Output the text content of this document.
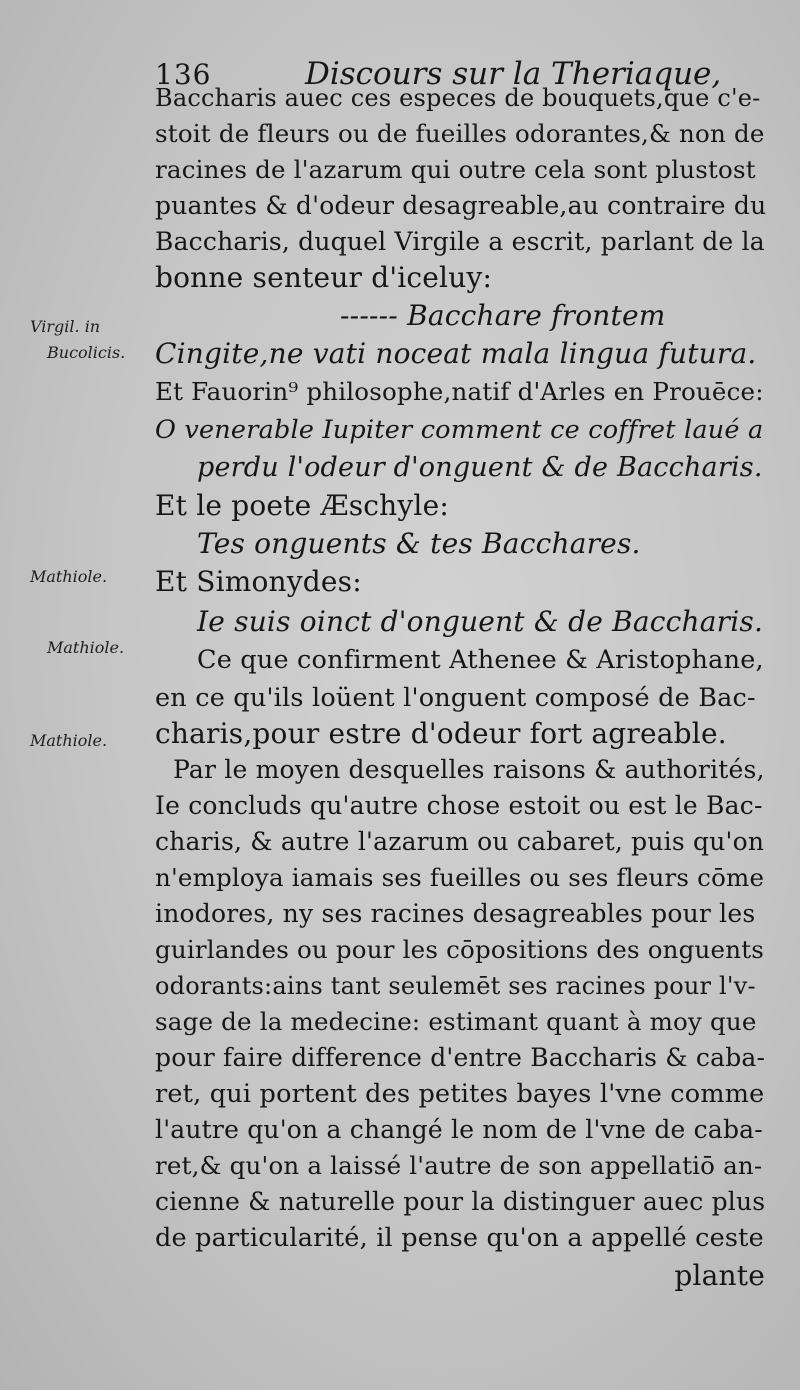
136	Discours sur la Theriaque,
Baccharis auec ces especes de bouquets,que c'e-
stoit de fleurs ou de fueilles odorantes,& non de
racines de l'azarum qui outre cela sont plustost
puantes & d'odeur desagreable,au contraire du
Baccharis, duquel Virgile a escrit, parlant de la
bonne senteur d'iceluy:
------ Bacchare frontem
Cingite,ne vati noceat mala lingua futura.
Et Fauorin⁹ philosophe,natif d'Arles en Prouēce:
O venerable Iupiter comment ce coffret laué a
perdu l'odeur d'onguent & de Baccharis.
Et le poete Æschyle:
Tes onguents & tes Bacchares.
Et Simonydes:
Ie suis oinct d'onguent & de Baccharis.
Ce que confirment Athenee & Aristophane,
en ce qu'ils loüent l'onguent composé de Bac-
charis,pour estre d'odeur fort agreable.
Par le moyen desquelles raisons & authorités,
Ie concluds qu'autre chose estoit ou est le Bac-
charis, & autre l'azarum ou cabaret, puis qu'on
n'employa iamais ses fueilles ou ses fleurs cōme
inodores, ny ses racines desagreables pour les
guirlandes ou pour les cōpositions des onguents
odorants:ains tant seulemēt ses racines pour l'v-
sage de la medecine: estimant quant à moy que
pour faire difference d'entre Baccharis & caba-
ret, qui portent des petites bayes l'vne comme
l'autre qu'on a changé le nom de l'vne de caba-
ret,& qu'on a laissé l'autre de son appellatiō an-
cienne & naturelle pour la distinguer auec plus
de particularité, il pense qu'on a appellé ceste
plante
Virgil. in
Bucolicis.
Mathiole.
Mathiole.
Mathiole.
